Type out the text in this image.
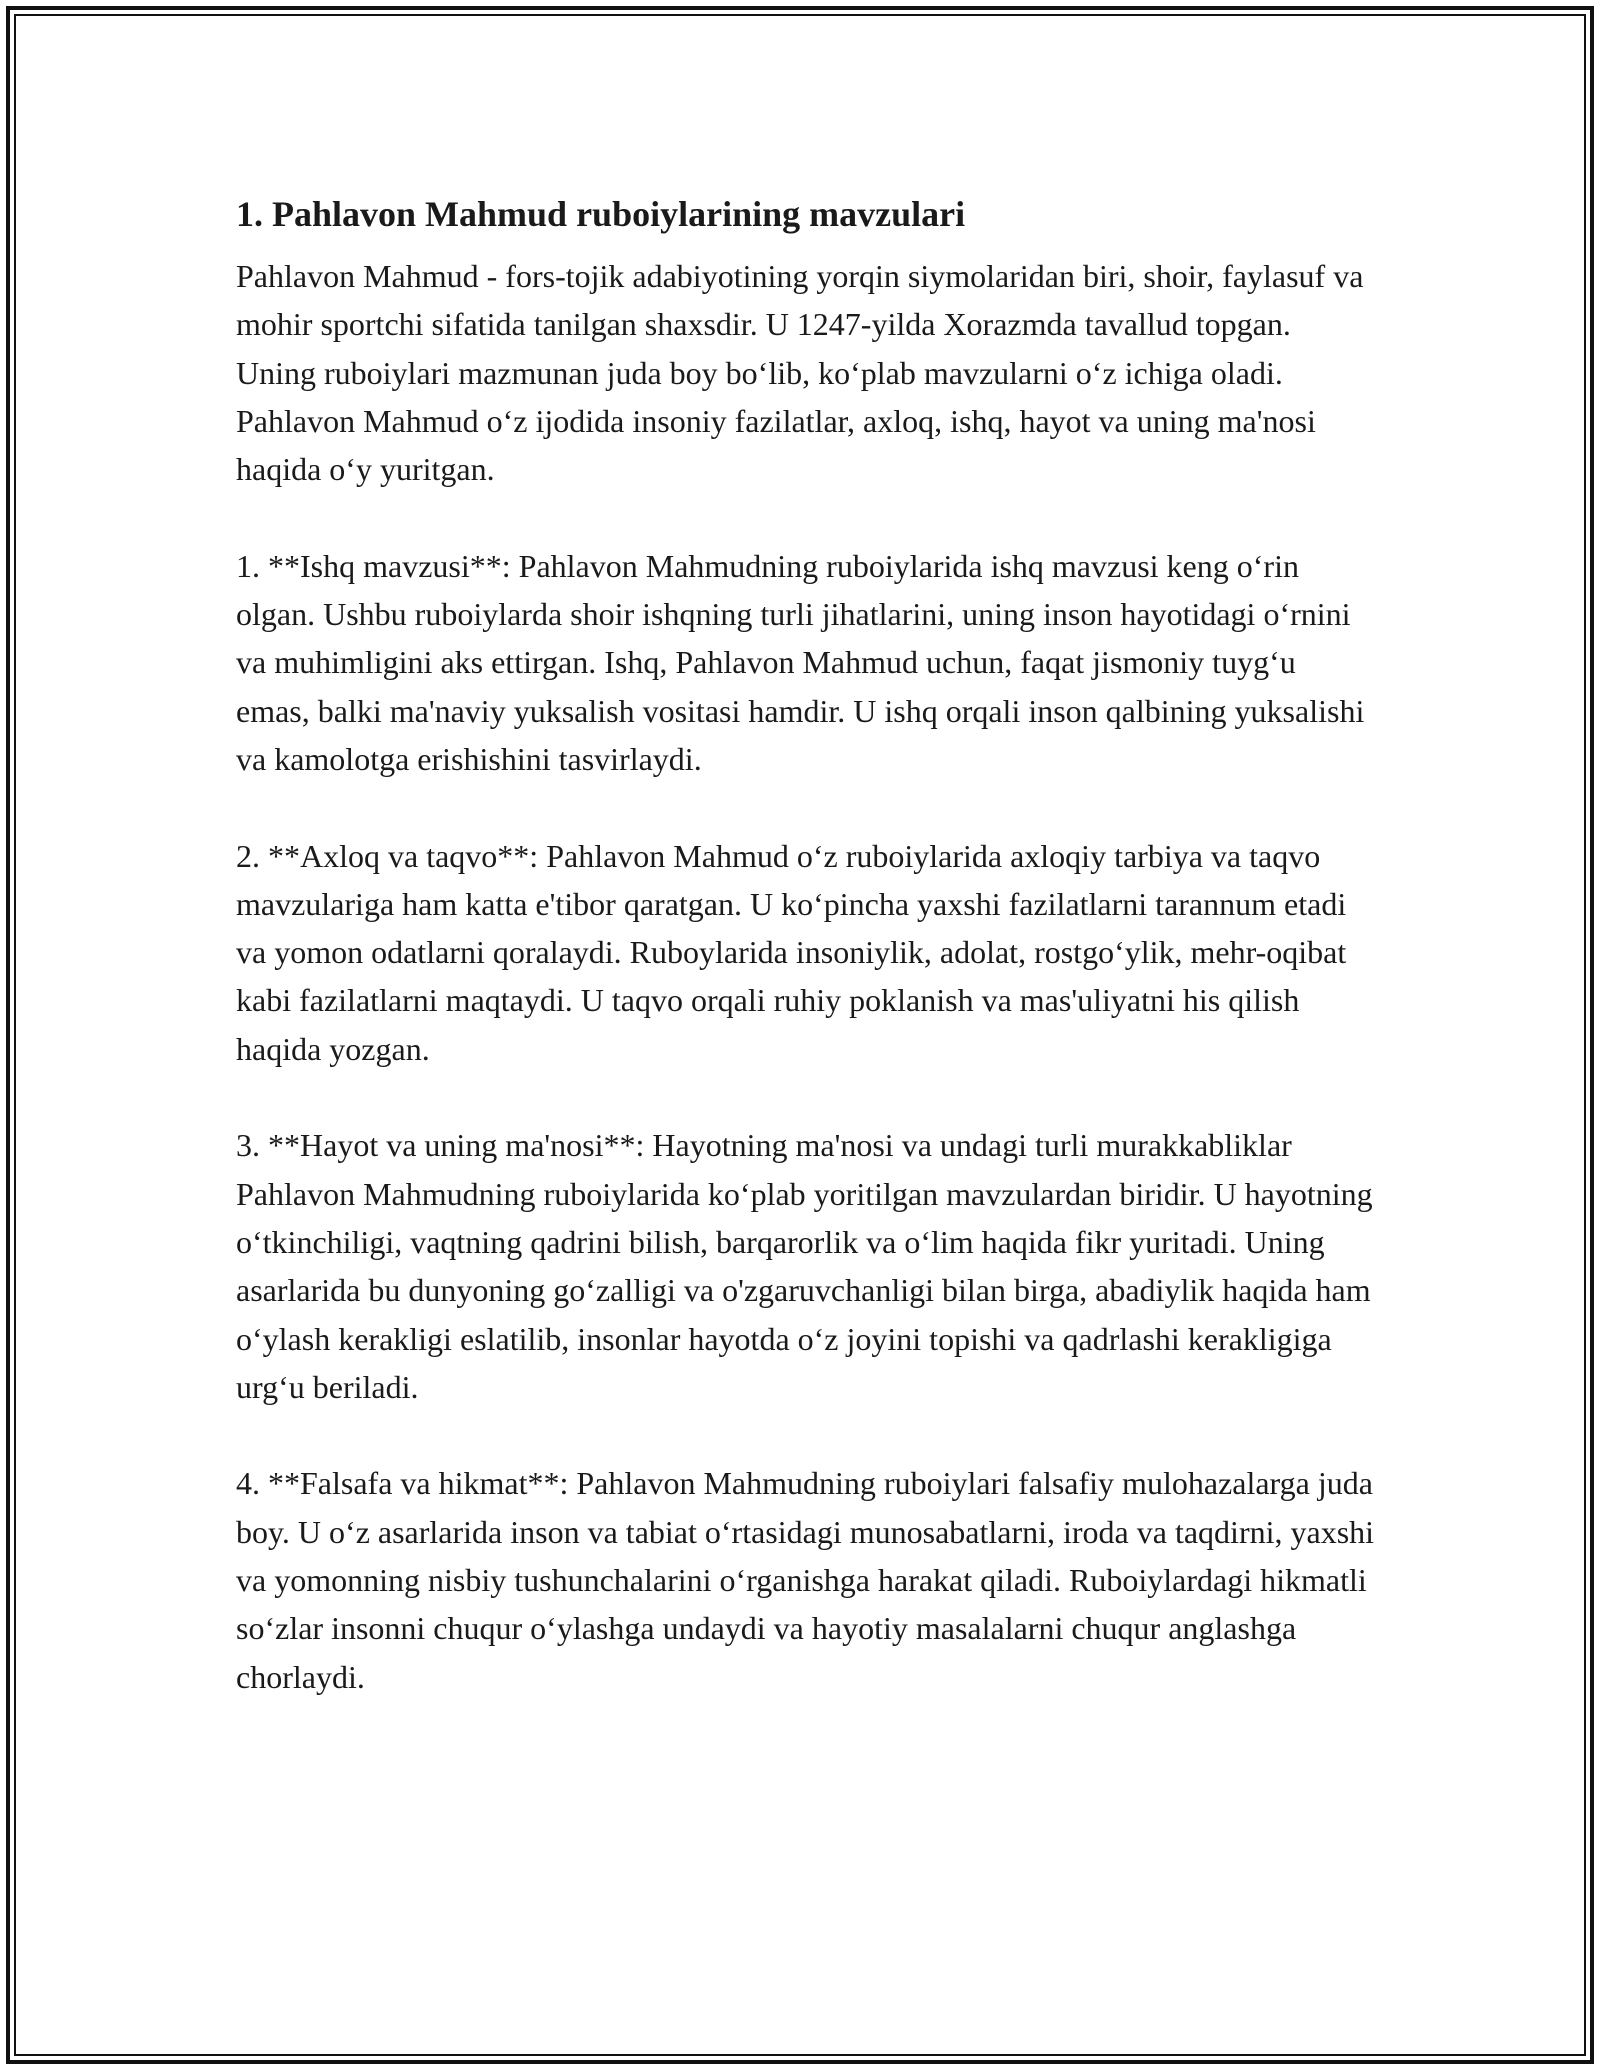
1. Pahlavon Mahmud ruboiylarining mavzulari

Pahlavon Mahmud - fors-tojik adabiyotining yorqin siymolaridan biri, shoir, faylasuf va mohir sportchi sifatida tanilgan shaxsdir. U 1247-yilda Xorazmda tavallud topgan. Uning ruboiylari mazmunan juda boy bo‘lib, ko‘plab mavzularni o‘z ichiga oladi. Pahlavon Mahmud o‘z ijodida insoniy fazilatlar, axloq, ishq, hayot va uning ma'nosi haqida o‘y yuritgan.

1. **Ishq mavzusi**: Pahlavon Mahmudning ruboiylarida ishq mavzusi keng o‘rin olgan. Ushbu ruboiylarda shoir ishqning turli jihatlarini, uning inson hayotidagi o‘rnini va muhimligini aks ettirgan. Ishq, Pahlavon Mahmud uchun, faqat jismoniy tuyg‘u emas, balki ma'naviy yuksalish vositasi hamdir. U ishq orqali inson qalbining yuksalishi va kamolotga erishishini tasvirlaydi.

2. **Axloq va taqvo**: Pahlavon Mahmud o‘z ruboiylarida axloqiy tarbiya va taqvo mavzulariga ham katta e'tibor qaratgan. U ko‘pincha yaxshi fazilatlarni tarannum etadi va yomon odatlarni qoralaydi. Ruboylarida insoniylik, adolat, rostgo‘ylik, mehr-oqibat kabi fazilatlarni maqtaydi. U taqvo orqali ruhiy poklanish va mas'uliyatni his qilish haqida yozgan.

3. **Hayot va uning ma'nosi**: Hayotning ma'nosi va undagi turli murakkabliklar Pahlavon Mahmudning ruboiylarida ko‘plab yoritilgan mavzulardan biridir. U hayotning o‘tkinchiligi, vaqtning qadrini bilish, barqarorlik va o‘lim haqida fikr yuritadi. Uning asarlarida bu dunyoning go‘zalligi va o'zgaruvchanligi bilan birga, abadiylik haqida ham o‘ylash kerakligi eslatilib, insonlar hayotda o‘z joyini topishi va qadrlashi kerakligiga urg‘u beriladi.

4. **Falsafa va hikmat**: Pahlavon Mahmudning ruboiylari falsafiy mulohazalarga juda boy. U o‘z asarlarida inson va tabiat o‘rtasidagi munosabatlarni, iroda va taqdirni, yaxshi va yomonning nisbiy tushunchalarini o‘rganishga harakat qiladi. Ruboiylardagi hikmatli so‘zlar insonni chuqur o‘ylashga undaydi va hayotiy masalalarni chuqur anglashga chorlaydi.
